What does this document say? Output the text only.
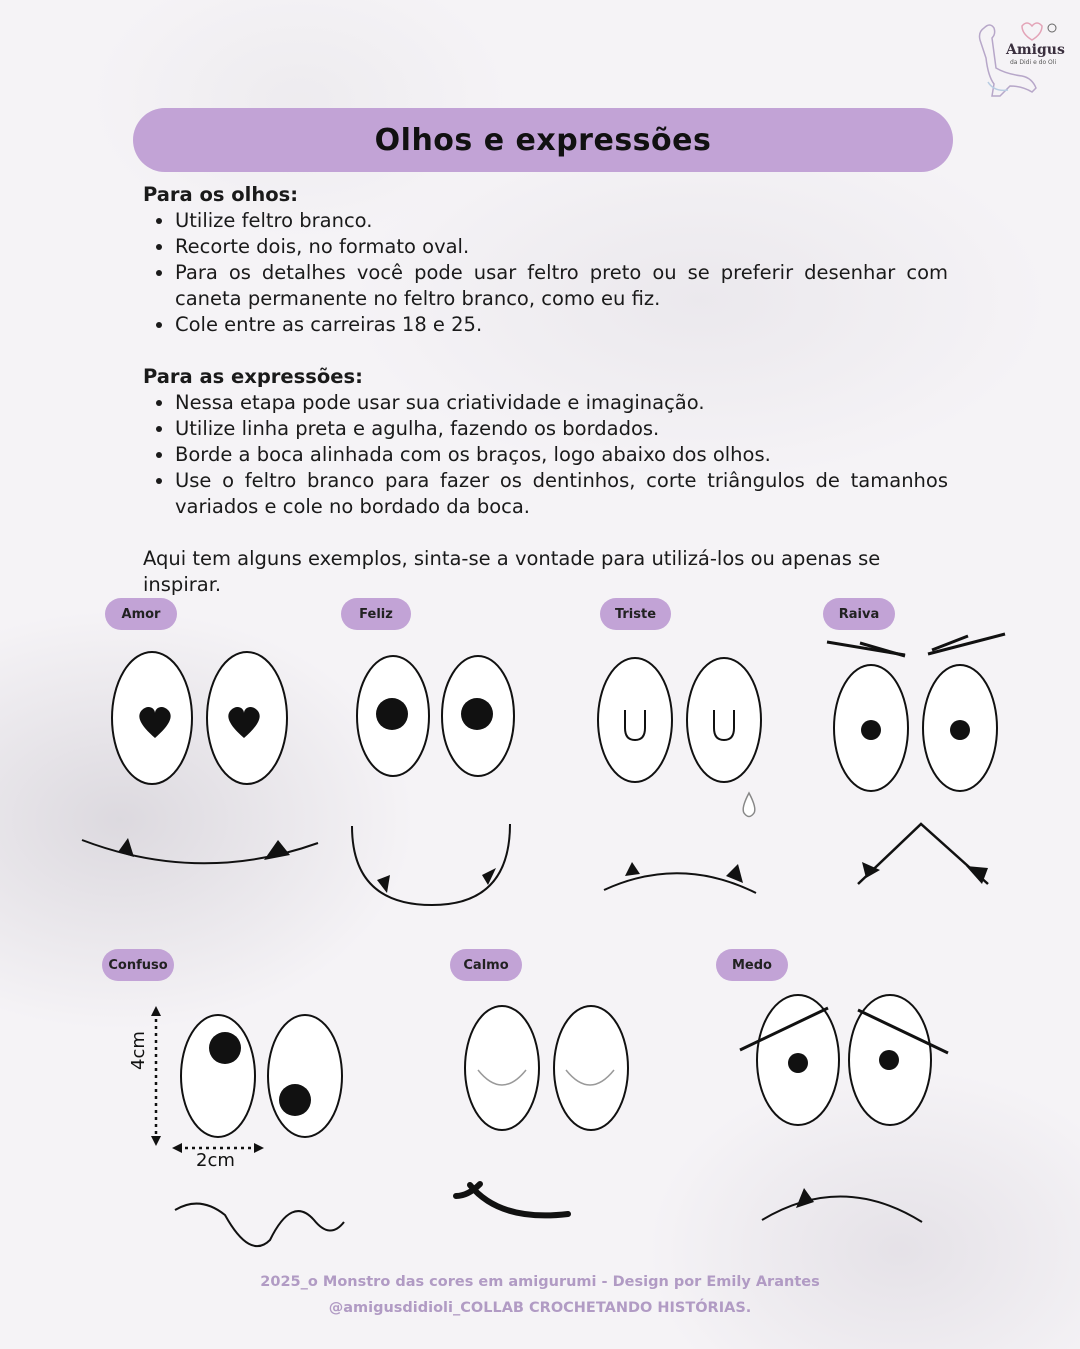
Amigus
da Didi e do Oli
Olhos e expressões

Para os olhos:

• Utilize feltro branco.
• Recorte dois, no formato oval.
• Para os detalhes você pode usar feltro preto ou se preferir desenhar com caneta permanente no feltro branco, como eu fiz.
• Cole entre as carreiras 18 e 25.

Para as expressões:

• Nessa etapa pode usar sua criatividade e imaginação.
• Utilize linha preta e agulha, fazendo os bordados.
• Borde a boca alinhada com os braços, logo abaixo dos olhos.
• Use o feltro branco para fazer os dentinhos, corte triângulos de tamanhos variados e cole no bordado da boca.

Aqui tem alguns exemplos, sinta-se a vontade para utilizá-los ou apenas se inspirar.

Amor	Feliz	Triste	Raiva
Confuso	Calmo	Medo
4cm
2cm
2025_o Monstro das cores em amigurumi - Design por Emily Arantes
@amigusdidioli_COLLAB CROCHETANDO HISTÓRIAS.
